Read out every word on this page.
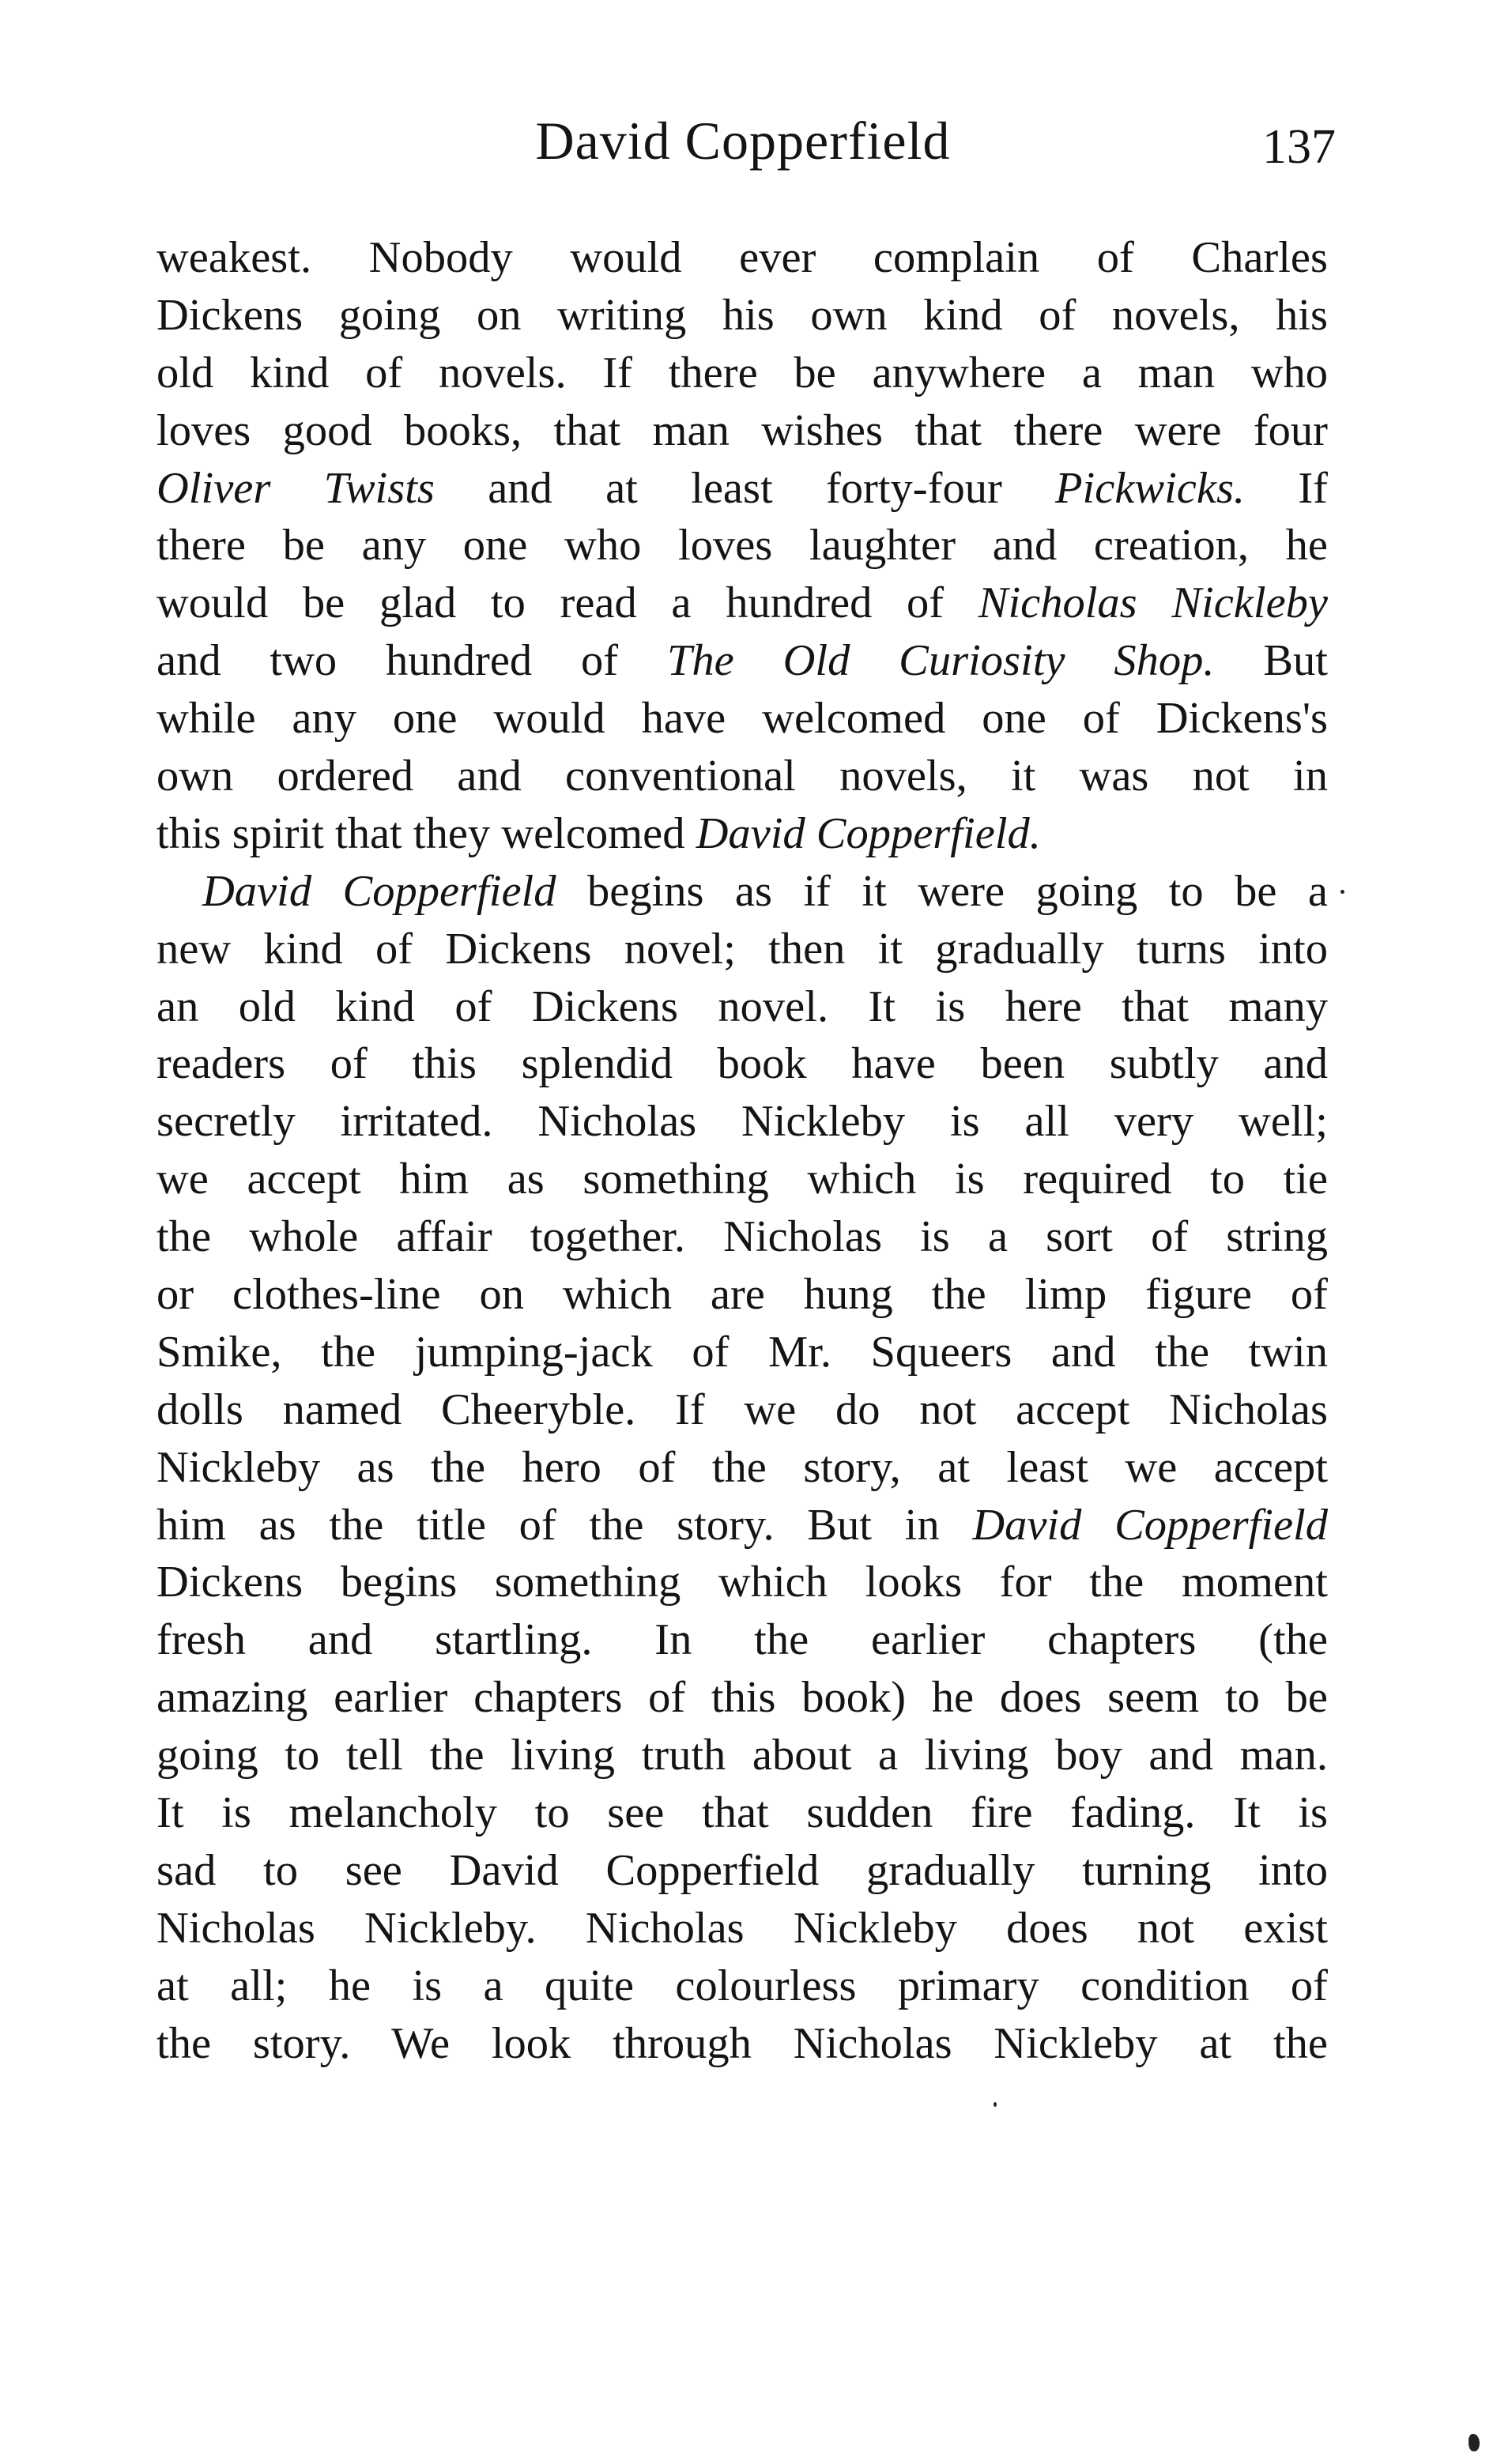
David Copperfield	137
weakest. Nobody would ever complain of Charles
Dickens going on writing his own kind of novels, his
old kind of novels. If there be anywhere a man who
loves good books, that man wishes that there were four
Oliver Twists and at least forty-four Pickwicks. If
there be any one who loves laughter and creation, he
would be glad to read a hundred of Nicholas Nickleby
and two hundred of The Old Curiosity Shop. But
while any one would have welcomed one of Dickens's
own ordered and conventional novels, it was not in
this spirit that they welcomed David Copperfield.
David Copperfield begins as if it were going to be a
new kind of Dickens novel; then it gradually turns into
an old kind of Dickens novel. It is here that many
readers of this splendid book have been subtly and
secretly irritated. Nicholas Nickleby is all very well;
we accept him as something which is required to tie
the whole affair together. Nicholas is a sort of string
or clothes-line on which are hung the limp figure of
Smike, the jumping-jack of Mr. Squeers and the twin
dolls named Cheeryble. If we do not accept Nicholas
Nickleby as the hero of the story, at least we accept
him as the title of the story. But in David Copperfield
Dickens begins something which looks for the moment
fresh and startling. In the earlier chapters (the
amazing earlier chapters of this book) he does seem to be
going to tell the living truth about a living boy and man.
It is melancholy to see that sudden fire fading. It is
sad to see David Copperfield gradually turning into
Nicholas Nickleby. Nicholas Nickleby does not exist
at all; he is a quite colourless primary condition of
the story. We look through Nicholas Nickleby at the
